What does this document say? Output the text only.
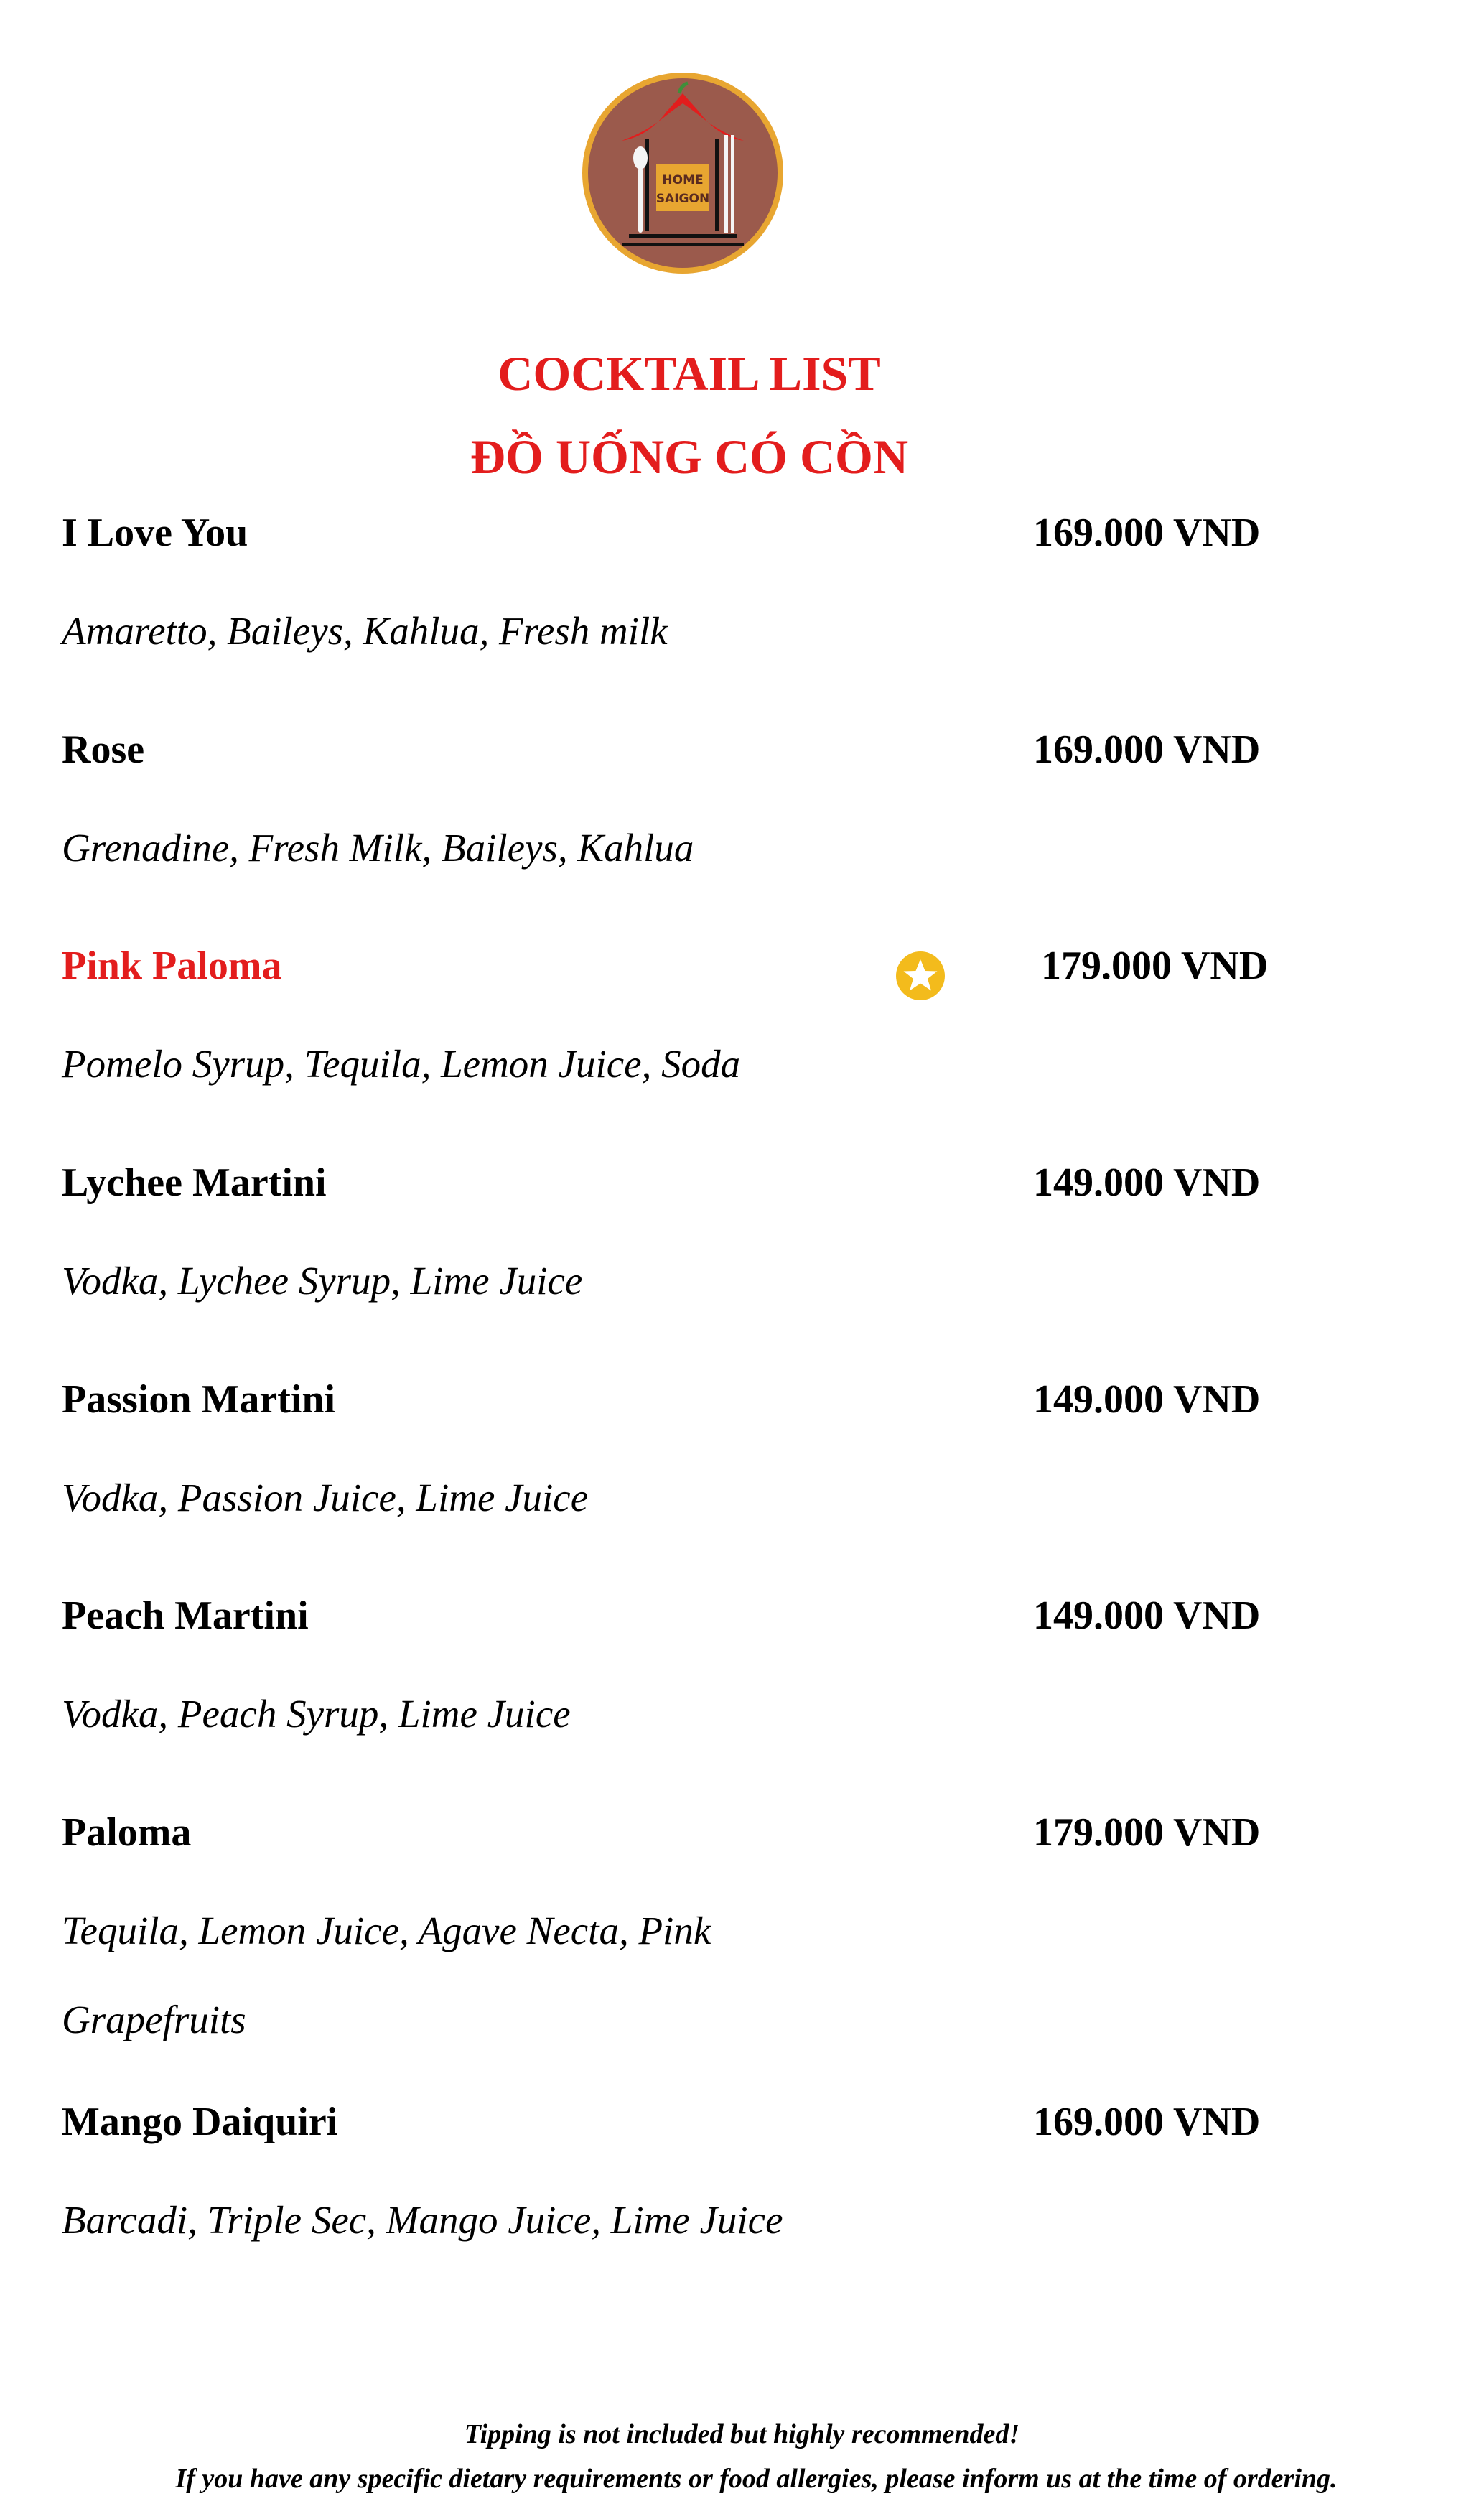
HOME
SAIGON
COCKTAIL LIST
ĐỒ UỐNG CÓ CỒN
I Love You	169.000 VND
Amaretto, Baileys, Kahlua, Fresh milk
Rose	169.000 VND
Grenadine, Fresh Milk, Baileys, Kahlua
Pink Paloma	179.000 VND
Pomelo Syrup, Tequila, Lemon Juice, Soda
Lychee Martini	149.000 VND
Vodka, Lychee Syrup, Lime Juice
Passion Martini	149.000 VND
Vodka, Passion Juice, Lime Juice
Peach Martini	149.000 VND
Vodka, Peach Syrup, Lime Juice
Paloma	179.000 VND
Tequila, Lemon Juice, Agave Necta, Pink Grapefruits
Mango Daiquiri	169.000 VND
Barcadi, Triple Sec, Mango Juice, Lime Juice
Tipping is not included but highly recommended!
If you have any specific dietary requirements or food allergies, please inform us at the time of ordering.
